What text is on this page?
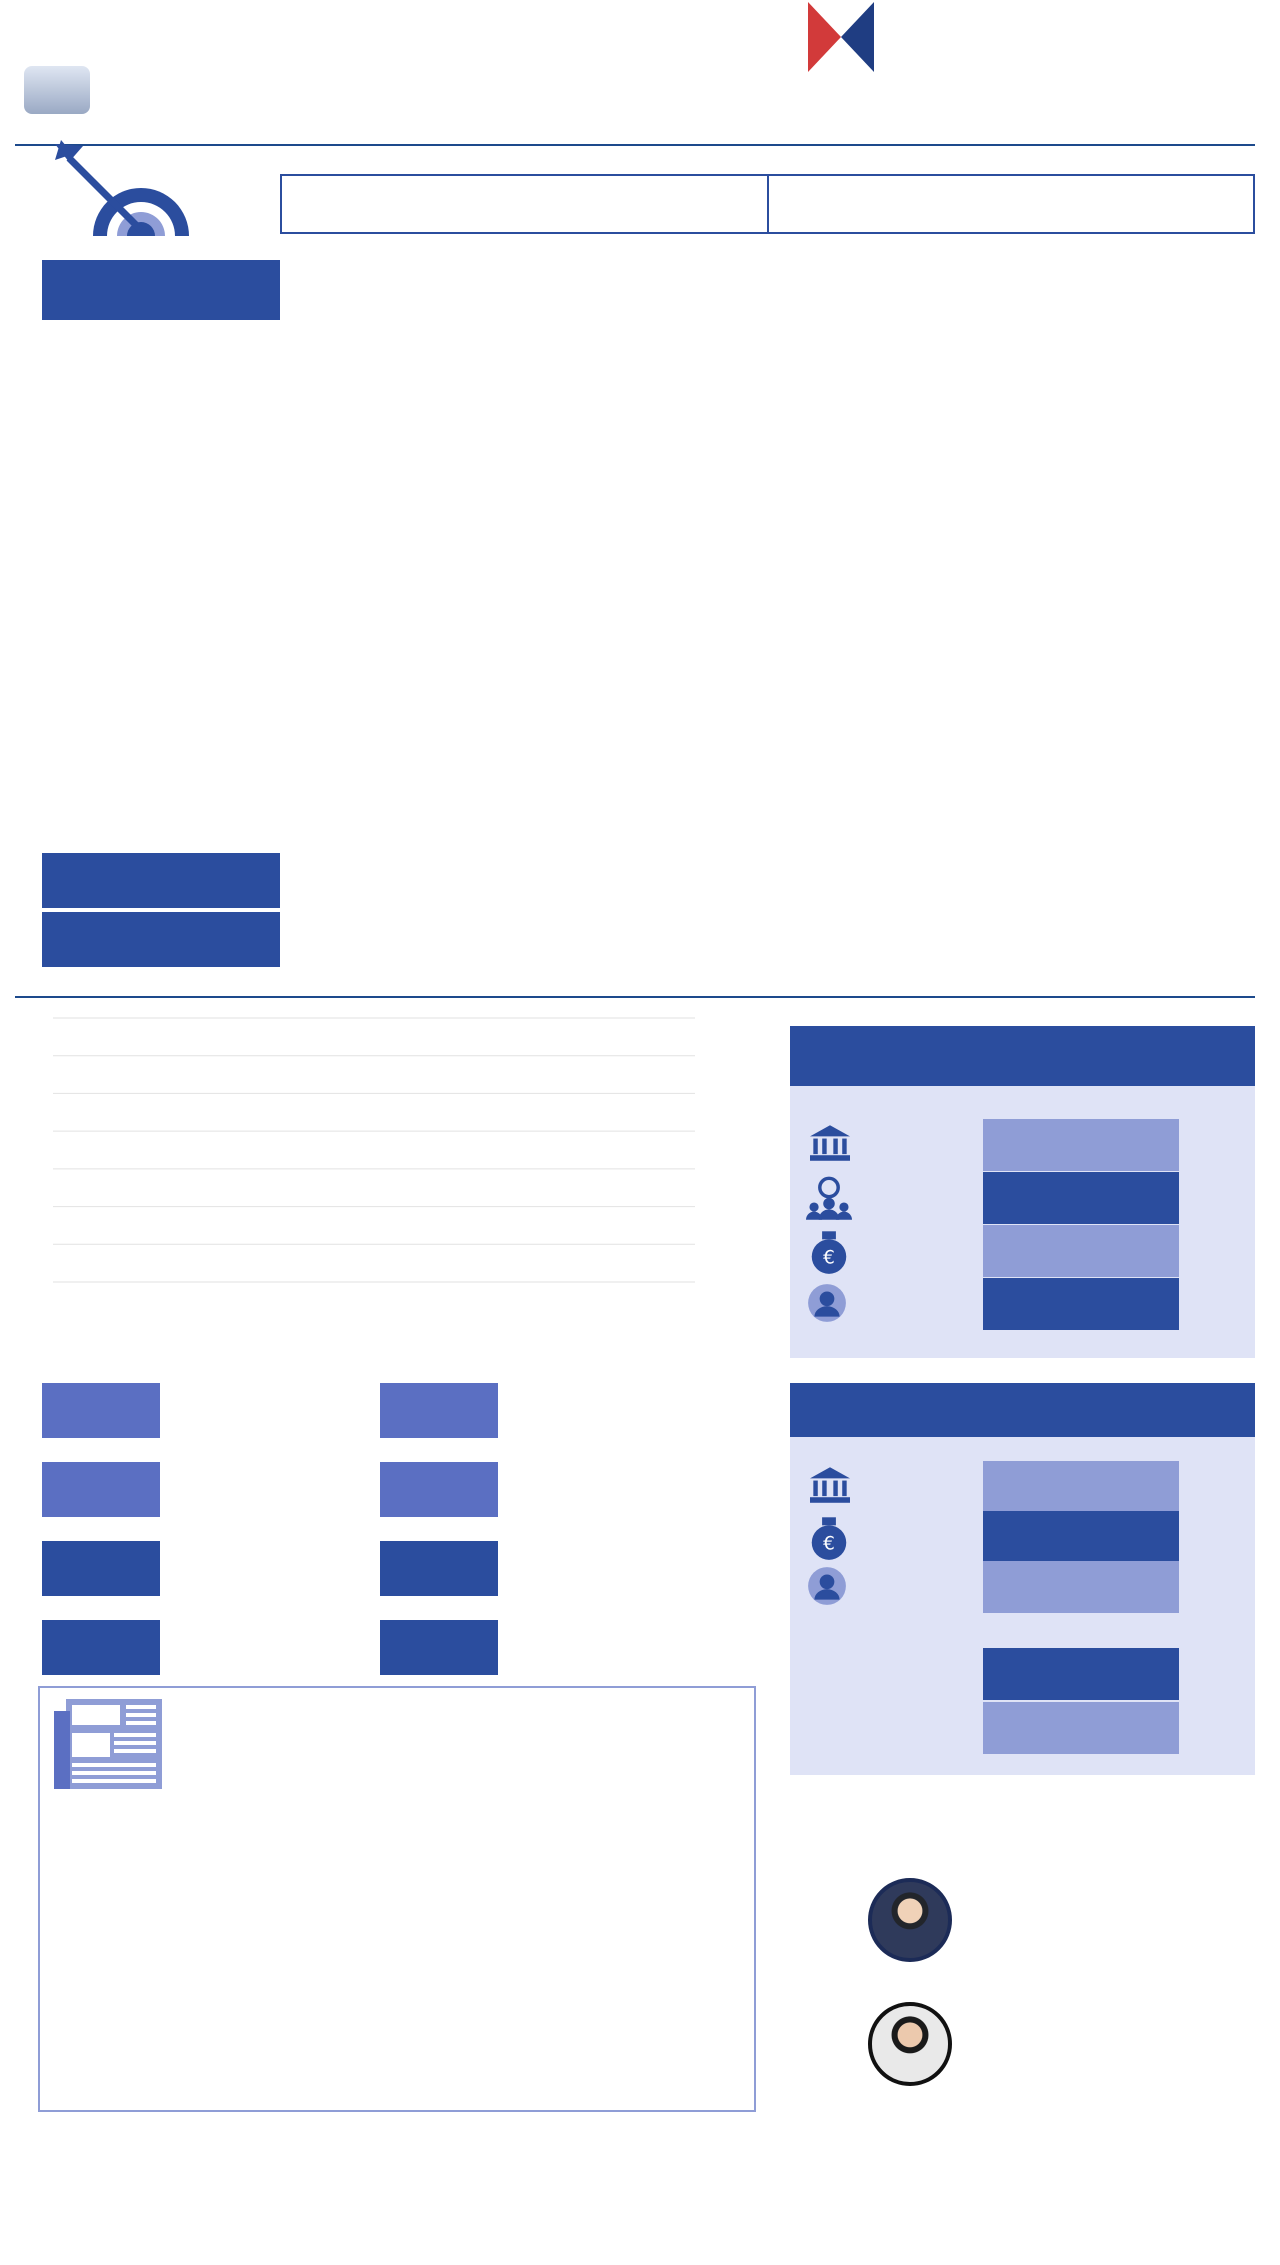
€
€
